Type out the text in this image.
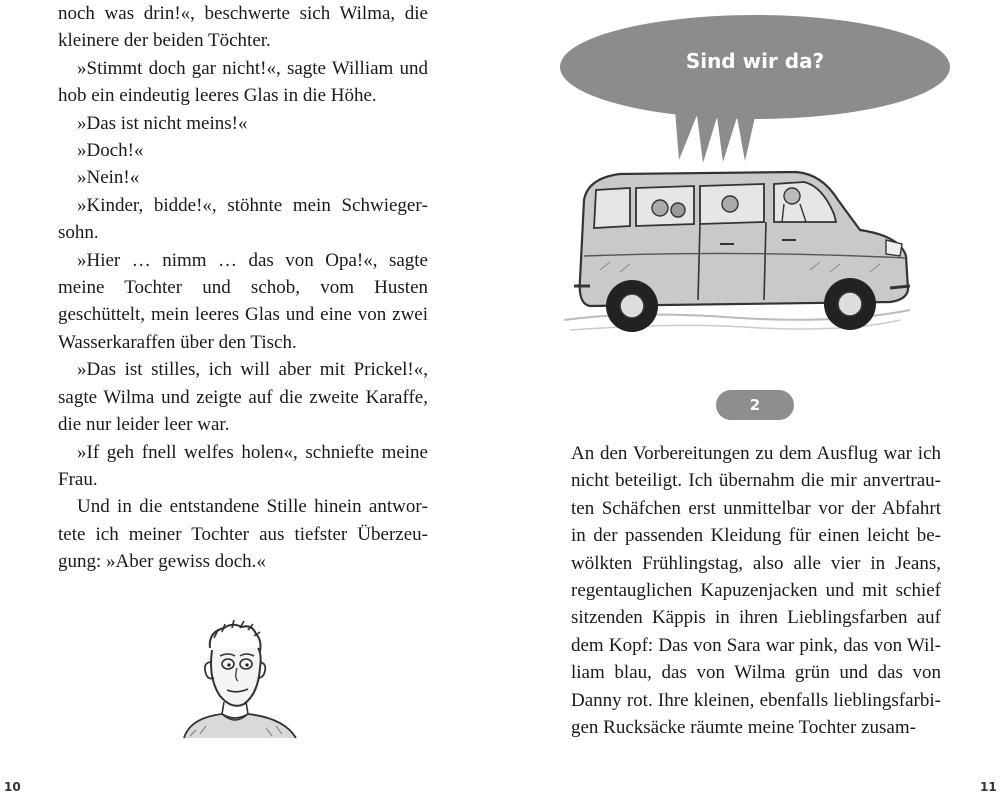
noch was drin!«, beschwerte sich Wilma, die kleinere der beiden Töchter.

»Stimmt doch gar nicht!«, sagte William und hob ein eindeutig leeres Glas in die Höhe.

»Das ist nicht meins!«

»Doch!«

»Nein!«

»Kinder, bidde!«, stöhnte mein Schwiegersohn.

»Hier … nimm … das von Opa!«, sagte meine Tochter und schob, vom Husten geschüttelt, mein leeres Glas und eine von zwei Wasserkaraffen über den Tisch.

»Das ist stilles, ich will aber mit Prickel!«, sagte Wilma und zeigte auf die zweite Karaffe, die nur leider leer war.

»If geh fnell welfes holen«, schniefte meine Frau.

Und in die entstandene Stille hinein antwortete ich meiner Tochter aus tiefster Überzeugung: »Aber gewiss doch.«

10
Sind wir da?
2

An den Vorbereitungen zu dem Ausflug war ich nicht beteiligt. Ich übernahm die mir anvertrauten Schäfchen erst unmittelbar vor der Abfahrt in der passenden Kleidung für einen leicht bewölkten Frühlingstag, also alle vier in Jeans, regentauglichen Kapuzenjacken und mit schief sitzenden Käppis in ihren Lieblingsfarben auf dem Kopf: Das von Sara war pink, das von William blau, das von Wilma grün und das von Danny rot. Ihre kleinen, ebenfalls lieblingsfarbigen Rucksäcke räumte meine Tochter zusam-

11
